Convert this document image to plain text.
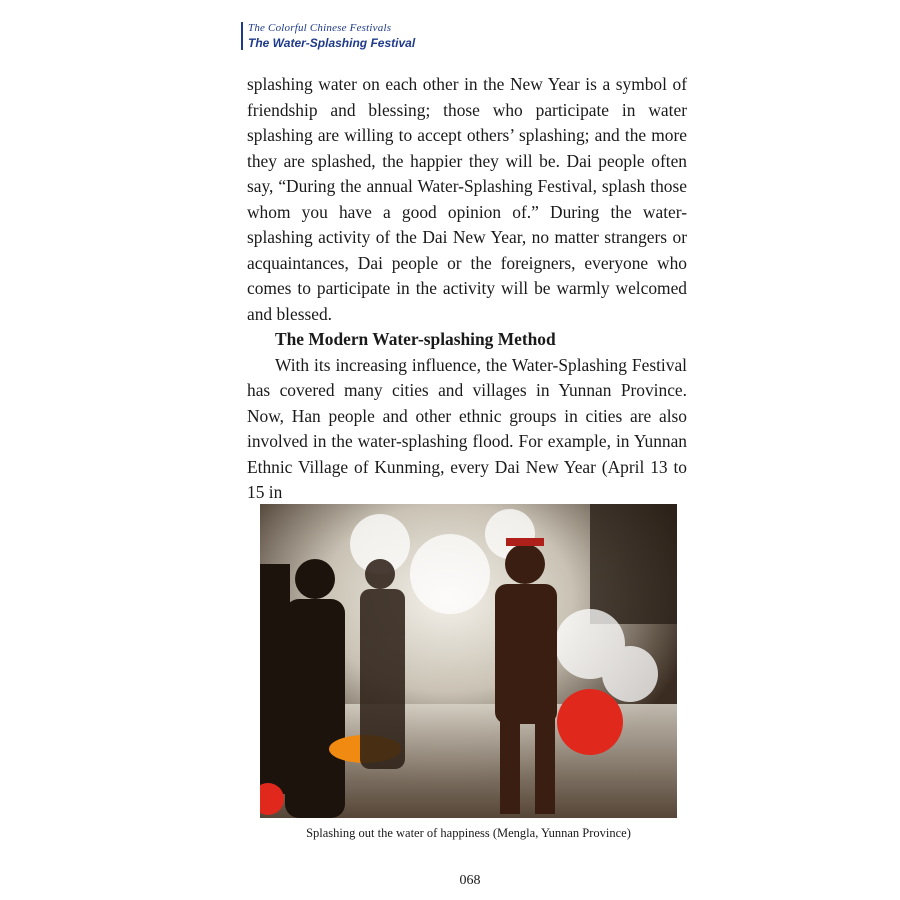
The Colorful Chinese Festivals
The Water-Splashing Festival

splashing water on each other in the New Year is a symbol of friendship and blessing; those who participate in water splashing are willing to accept others’ splashing; and the more they are splashed, the happier they will be. Dai people often say, “During the annual Water-Splashing Festival, splash those whom you have a good opinion of.” During the water-splashing activity of the Dai New Year, no matter strangers or acquaintances, Dai people or the foreigners, everyone who comes to participate in the activity will be warmly welcomed and blessed.

The Modern Water-splashing Method

With its increasing influence, the Water-Splashing Festival has covered many cities and villages in Yunnan Province. Now, Han people and other ethnic groups in cities are also involved in the water-splashing flood. For example, in Yunnan Ethnic Village of Kunming, every Dai New Year (April 13 to 15 in

Splashing out the water of happiness (Mengla, Yunnan Province)
068
